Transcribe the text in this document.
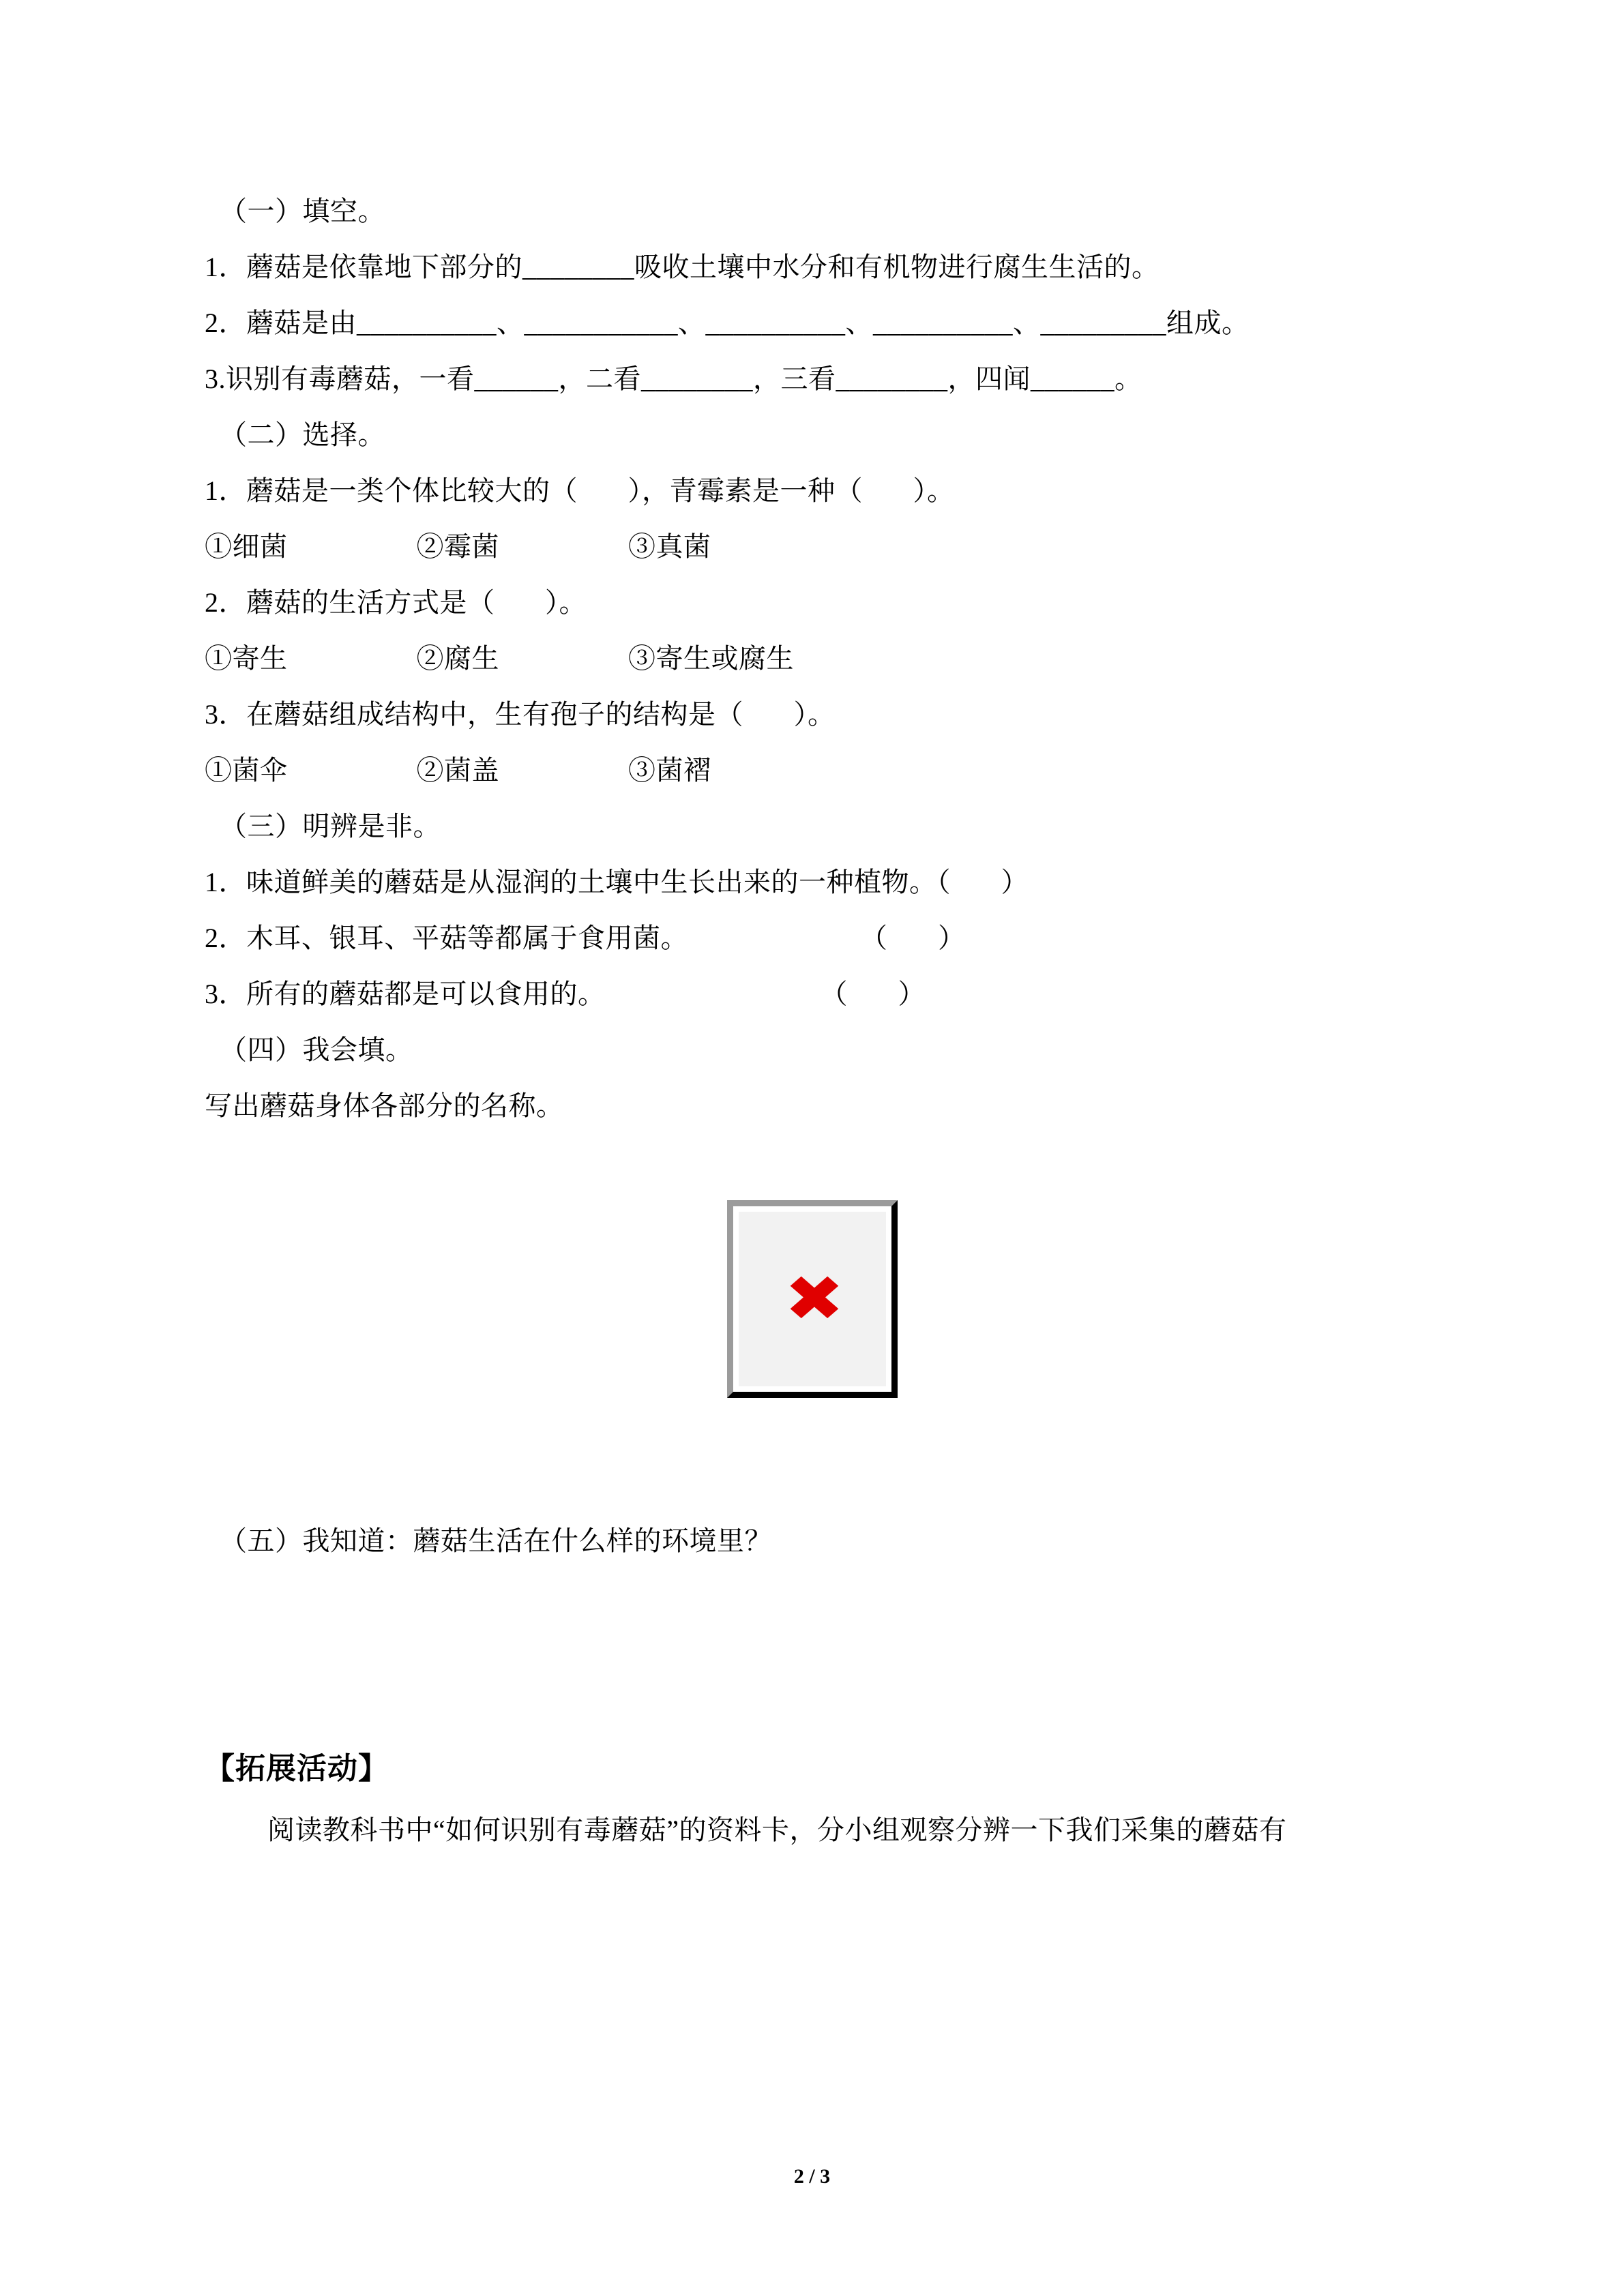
（一）填空。

1．蘑菇是依靠地下部分的________吸收土壤中水分和有机物进行腐生生活的。

2．蘑菇是由__________、___________、__________、__________、_________组成。

3.识别有毒蘑菇，一看______，二看________，三看________，四闻______。

（二）选择。

1．蘑菇是一类个体比较大的（       ），青霉素是一种（       ）。

①细菌                  ②霉菌                  ③真菌

2．蘑菇的生活方式是（       ）。

①寄生                  ②腐生                  ③寄生或腐生

3．在蘑菇组成结构中，生有孢子的结构是（       ）。

①菌伞                  ②菌盖                  ③菌褶

（三）明辨是非。

1．味道鲜美的蘑菇是从湿润的土壤中生长出来的一种植物。（       ）

2．木耳、银耳、平菇等都属于食用菌。                        （       ）

3．所有的蘑菇都是可以食用的。                              （       ）

（四）我会填。

写出蘑菇身体各部分的名称。

✖

（五）我知道：蘑菇生活在什么样的环境里？

【拓展活动】

阅读教科书中“如何识别有毒蘑菇”的资料卡，分小组观察分辨一下我们采集的蘑菇有

2 / 3
